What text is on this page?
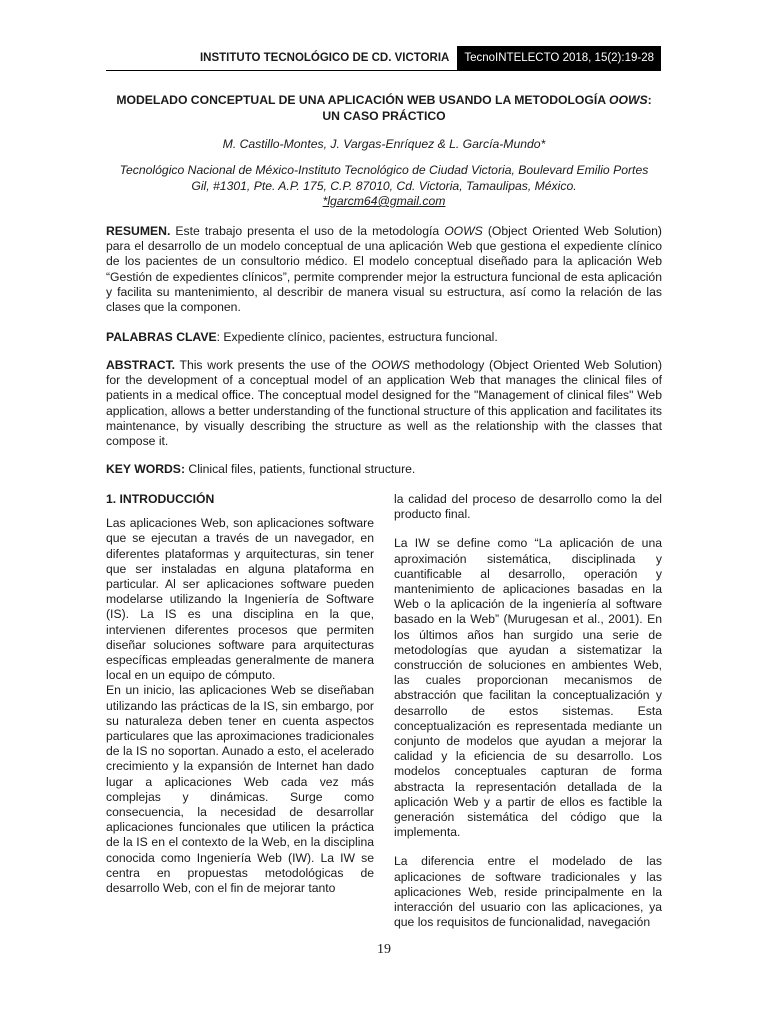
INSTITUTO TECNOLÓGICO DE CD. VICTORIA	TecnoINTELECTO 2018, 15(2):19-28
MODELADO CONCEPTUAL DE UNA APLICACIÓN WEB USANDO LA METODOLOGÍA OOWS:
UN CASO PRÁCTICO
M. Castillo-Montes, J. Vargas-Enríquez & L. García-Mundo*
Tecnológico Nacional de México-Instituto Tecnológico de Ciudad Victoria, Boulevard Emilio Portes
Gil, #1301, Pte. A.P. 175, C.P. 87010, Cd. Victoria, Tamaulipas, México.
*lgarcm64@gmail.com
RESUMEN. Este trabajo presenta el uso de la metodología OOWS (Object Oriented Web Solution) para el desarrollo de un modelo conceptual de una aplicación Web que gestiona el expediente clínico de los pacientes de un consultorio médico. El modelo conceptual diseñado para la aplicación Web “Gestión de expedientes clínicos”, permite comprender mejor la estructura funcional de esta aplicación y facilita su mantenimiento, al describir de manera visual su estructura, así como la relación de las clases que la componen.
PALABRAS CLAVE: Expediente clínico, pacientes, estructura funcional.
ABSTRACT. This work presents the use of the OOWS methodology (Object Oriented Web Solution) for the development of a conceptual model of an application Web that manages the clinical files of patients in a medical office. The conceptual model designed for the "Management of clinical files" Web application, allows a better understanding of the functional structure of this application and facilitates its maintenance, by visually describing the structure as well as the relationship with the classes that compose it.
KEY WORDS: Clinical files, patients, functional structure.

1. INTRODUCCIÓN

Las aplicaciones Web, son aplicaciones software que se ejecutan a través de un navegador, en diferentes plataformas y arquitecturas, sin tener que ser instaladas en alguna plataforma en particular. Al ser aplicaciones software pueden modelarse utilizando la Ingeniería de Software (IS). La IS es una disciplina en la que, intervienen diferentes procesos que permiten diseñar soluciones software para arquitecturas específicas empleadas generalmente de manera local en un equipo de cómputo.

En un inicio, las aplicaciones Web se diseñaban utilizando las prácticas de la IS, sin embargo, por su naturaleza deben tener en cuenta aspectos particulares que las aproximaciones tradicionales de la IS no soportan. Aunado a esto, el acelerado crecimiento y la expansión de Internet han dado lugar a aplicaciones Web cada vez más complejas y dinámicas. Surge como consecuencia, la necesidad de desarrollar aplicaciones funcionales que utilicen la práctica de la IS en el contexto de la Web, en la disciplina conocida como Ingeniería Web (IW). La IW se centra en propuestas metodológicas de desarrollo Web, con el fin de mejorar tanto

la calidad del proceso de desarrollo como la del producto final.

La IW se define como “La aplicación de una aproximación sistemática, disciplinada y cuantificable al desarrollo, operación y mantenimiento de aplicaciones basadas en la Web o la aplicación de la ingeniería al software basado en la Web” (Murugesan et al., 2001). En los últimos años han surgido una serie de metodologías que ayudan a sistematizar la construcción de soluciones en ambientes Web, las cuales proporcionan mecanismos de abstracción que facilitan la conceptualización y desarrollo de estos sistemas. Esta conceptualización es representada mediante un conjunto de modelos que ayudan a mejorar la calidad y la eficiencia de su desarrollo. Los modelos conceptuales capturan de forma abstracta la representación detallada de la aplicación Web y a partir de ellos es factible la generación sistemática del código que la implementa.

La diferencia entre el modelado de las aplicaciones de software tradicionales y las aplicaciones Web, reside principalmente en la interacción del usuario con las aplicaciones, ya que los requisitos de funcionalidad, navegación

19
